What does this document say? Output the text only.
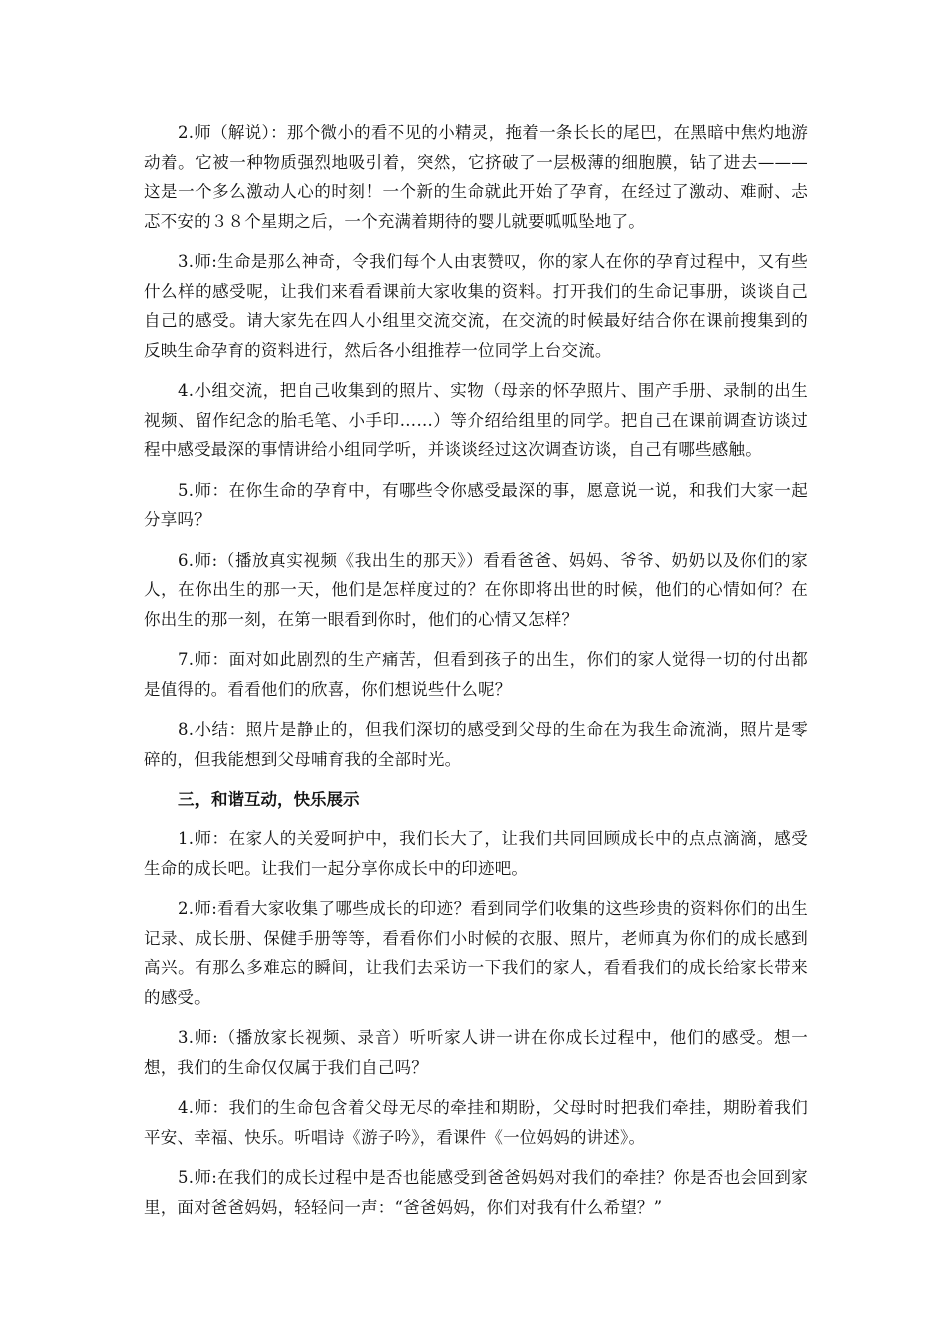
2.师（解说）：那个微小的看不见的小精灵，拖着一条长长的尾巴，在黑暗中焦灼地游动着。它被一种物质强烈地吸引着，突然，它挤破了一层极薄的细胞膜，钻了进去———这是一个多么激动人心的时刻！一个新的生命就此开始了孕育，在经过了激动、难耐、忐忑不安的３８个星期之后，一个充满着期待的婴儿就要呱呱坠地了。

3.师:生命是那么神奇，令我们每个人由衷赞叹，你的家人在你的孕育过程中，又有些什么样的感受呢，让我们来看看课前大家收集的资料。打开我们的生命记事册，谈谈自己自己的感受。请大家先在四人小组里交流交流，在交流的时候最好结合你在课前搜集到的反映生命孕育的资料进行，然后各小组推荐一位同学上台交流。

4.小组交流，把自己收集到的照片、实物（母亲的怀孕照片、围产手册、录制的出生视频、留作纪念的胎毛笔、小手印……）等介绍给组里的同学。把自己在课前调查访谈过程中感受最深的事情讲给小组同学听，并谈谈经过这次调查访谈，自己有哪些感触。

5.师：在你生命的孕育中，有哪些令你感受最深的事，愿意说一说，和我们大家一起分享吗？

6.师:（播放真实视频《我出生的那天》）看看爸爸、妈妈、爷爷、奶奶以及你们的家人，在你出生的那一天，他们是怎样度过的？在你即将出世的时候，他们的心情如何？在你出生的那一刻，在第一眼看到你时，他们的心情又怎样？

7.师：面对如此剧烈的生产痛苦，但看到孩子的出生，你们的家人觉得一切的付出都是值得的。看看他们的欣喜，你们想说些什么呢？

8.小结：照片是静止的，但我们深切的感受到父母的生命在为我生命流淌，照片是零碎的，但我能想到父母哺育我的全部时光。

三，和谐互动，快乐展示

1.师：在家人的关爱呵护中，我们长大了，让我们共同回顾成长中的点点滴滴，感受生命的成长吧。让我们一起分享你成长中的印迹吧。

2.师:看看大家收集了哪些成长的印迹？看到同学们收集的这些珍贵的资料你们的出生记录、成长册、保健手册等等，看看你们小时候的衣服、照片，老师真为你们的成长感到高兴。有那么多难忘的瞬间，让我们去采访一下我们的家人，看看我们的成长给家长带来的感受。

3.师:（播放家长视频、录音）听听家人讲一讲在你成长过程中，他们的感受。想一想，我们的生命仅仅属于我们自己吗？

4.师：我们的生命包含着父母无尽的牵挂和期盼，父母时时把我们牵挂，期盼着我们平安、幸福、快乐。听唱诗《游子吟》，看课件《一位妈妈的讲述》。

5.师:在我们的成长过程中是否也能感受到爸爸妈妈对我们的牵挂？你是否也会回到家里，面对爸爸妈妈，轻轻问一声：“爸爸妈妈，你们对我有什么希望？”
